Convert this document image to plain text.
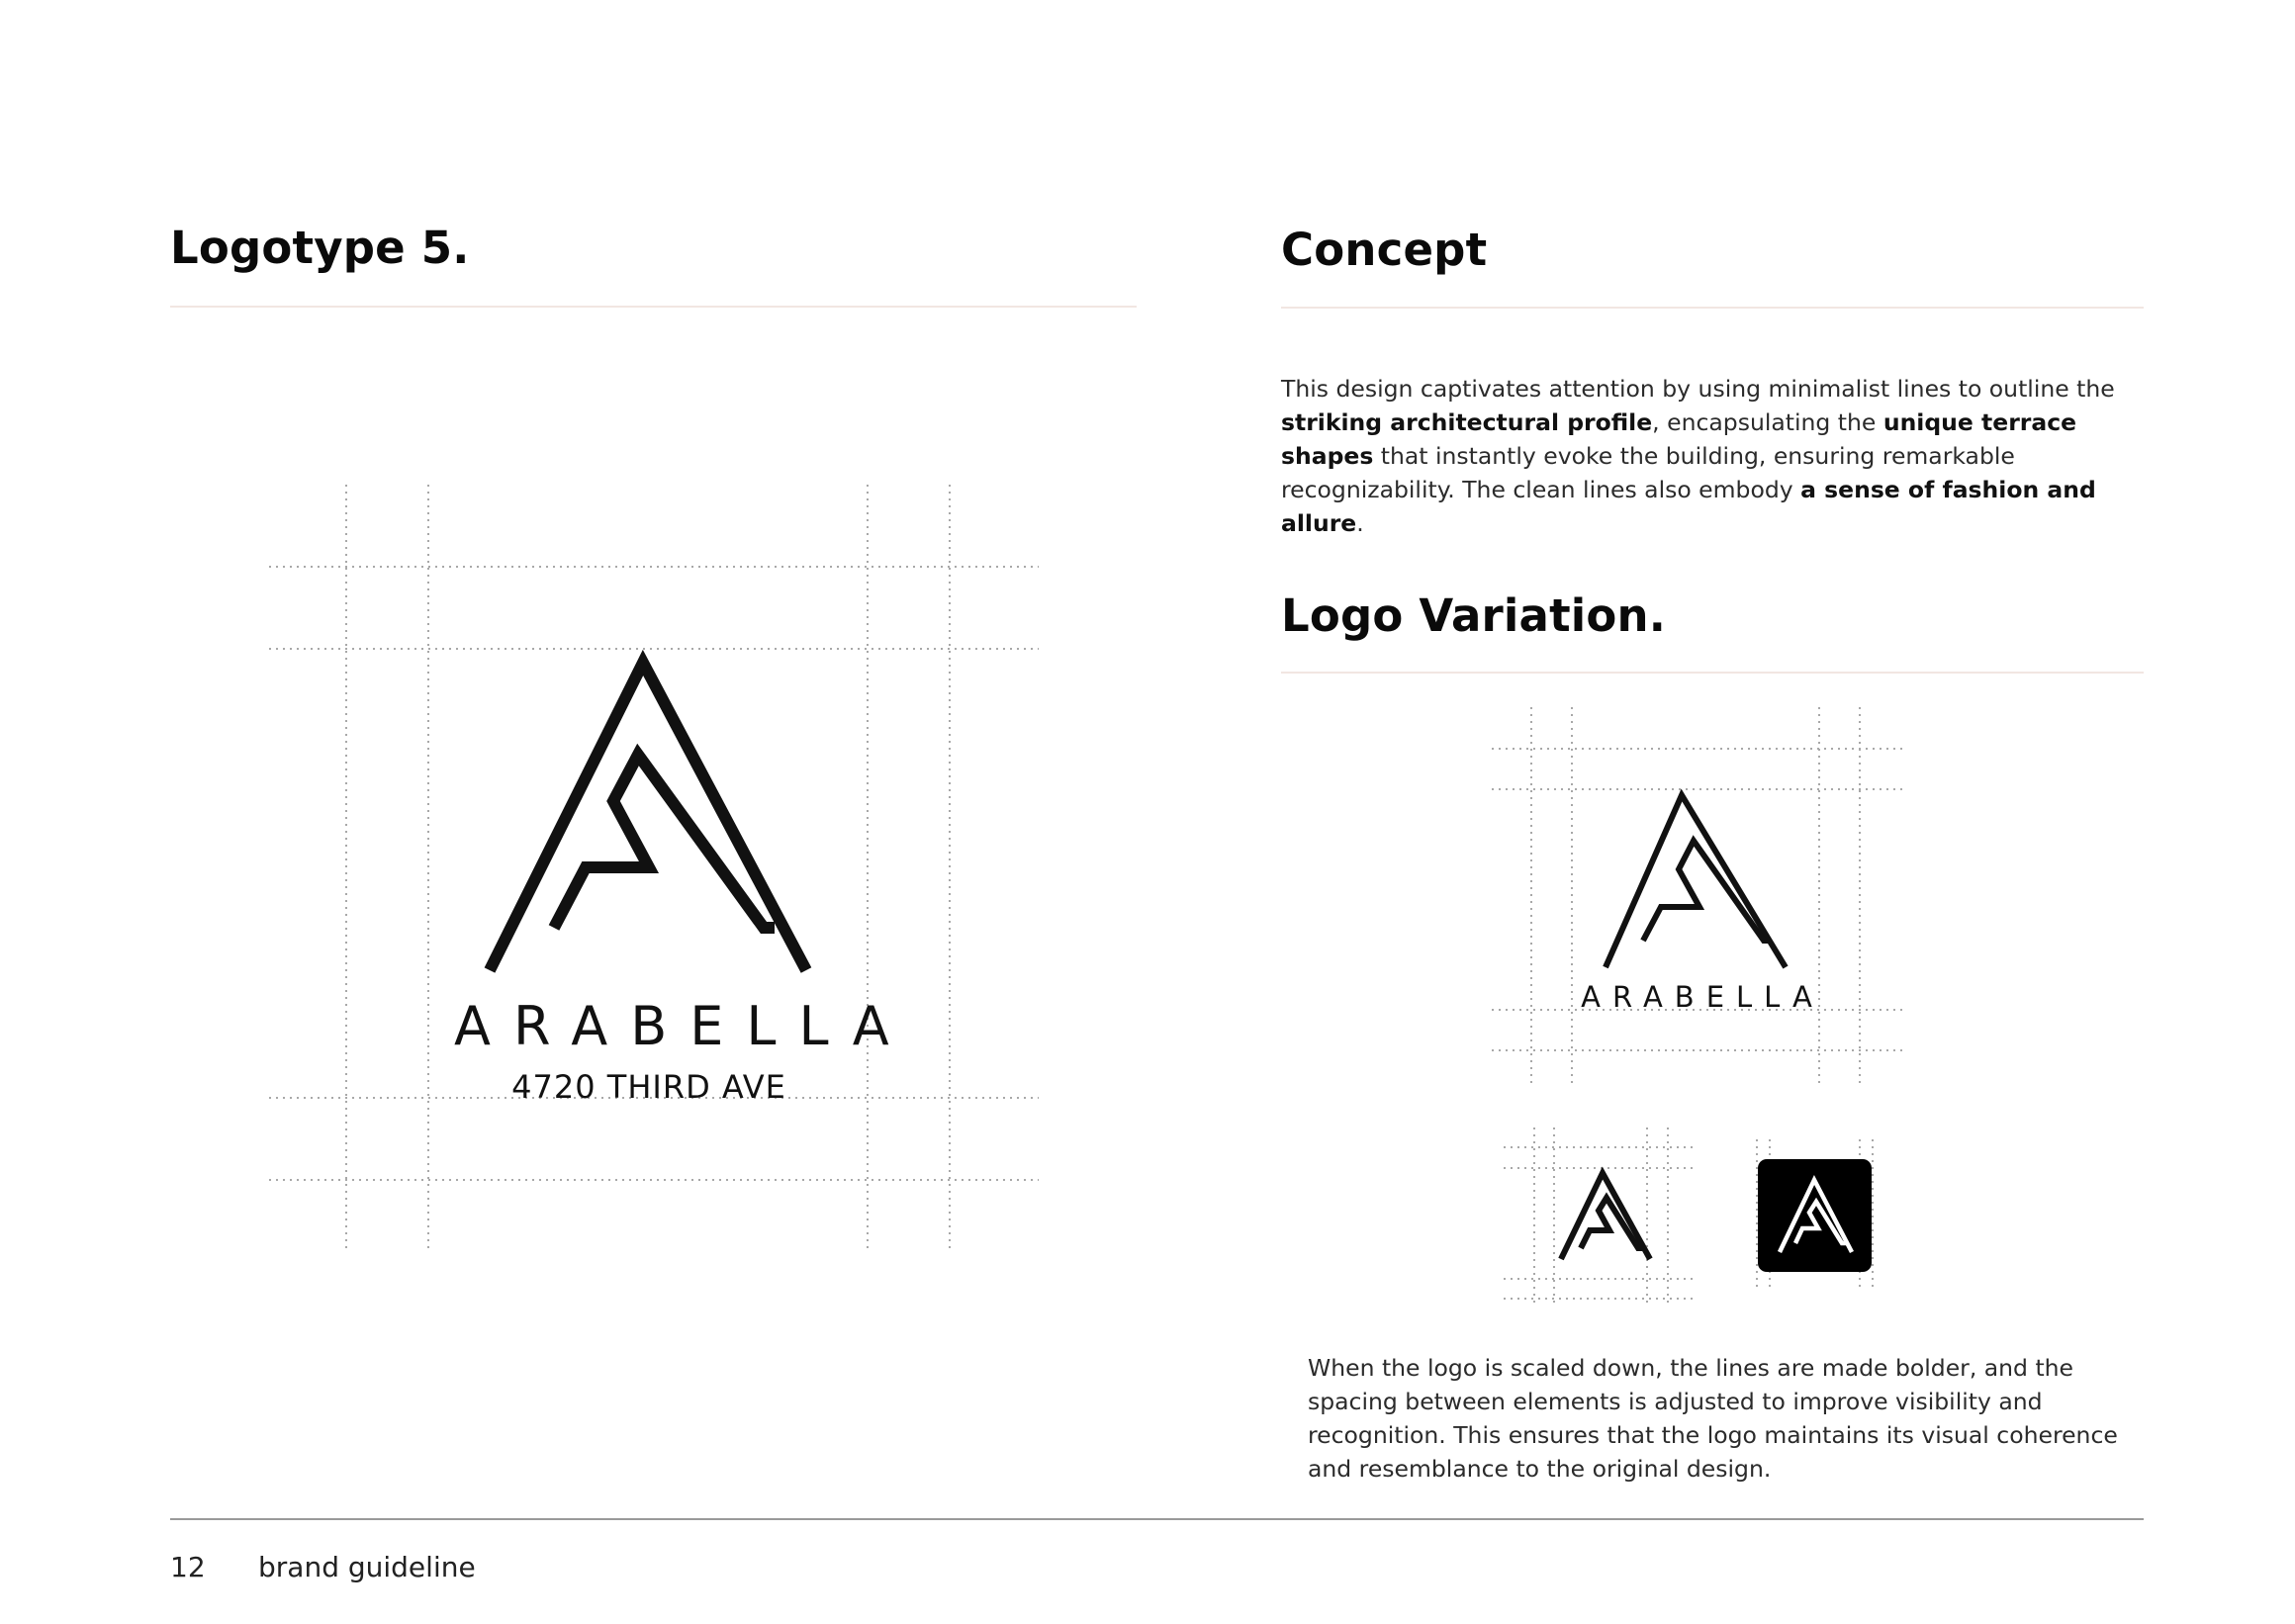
Logotype 5.

ARABELLA

4720 THIRD AVE

Concept

This design captivates attention by using minimalist lines to outline the striking architectural profile, encapsulating the unique terrace shapes that instantly evoke the building, ensuring remarkable recognizability. The clean lines also embody a sense of fashion and allure.

Logo Variation.

ARABELLA

When the logo is scaled down, the lines are made bolder, and the spacing between elements is adjusted to improve visibility and recognition. This ensures that the logo maintains its visual coherence and resemblance to the original design.

12 brand guideline
